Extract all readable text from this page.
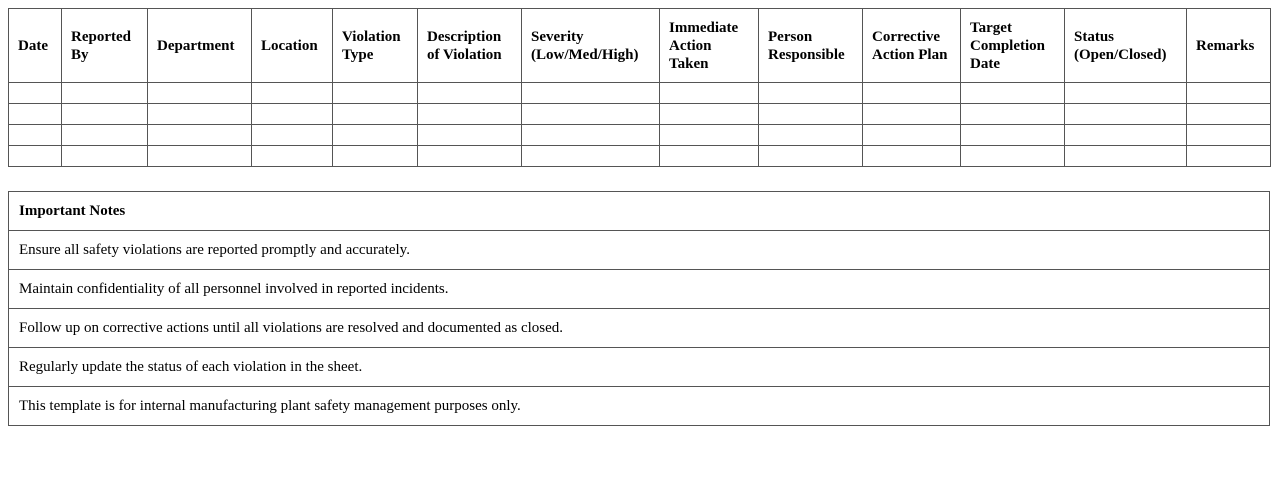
Date	Reported By	Department	Location	Violation Type	Description of Violation	Severity (Low/Med/High)	Immediate Action Taken	Person Responsible	Corrective Action Plan	Target Completion Date	Status (Open/Closed)	Remarks

Important Notes
Ensure all safety violations are reported promptly and accurately.
Maintain confidentiality of all personnel involved in reported incidents.
Follow up on corrective actions until all violations are resolved and documented as closed.
Regularly update the status of each violation in the sheet.
This template is for internal manufacturing plant safety management purposes only.
